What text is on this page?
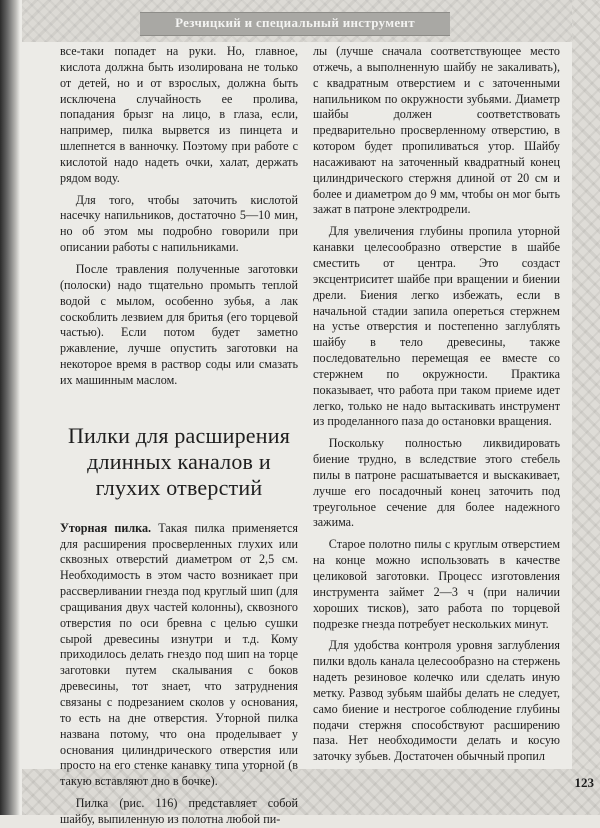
Резчицкий и специальный инструмент

все-таки попадет на руки. Но, главное, кислота должна быть изолирована не только от детей, но и от взрослых, должна быть исключена случайность ее пролива, попадания брызг на лицо, в глаза, если, например, пилка вырвется из пинцета и шлепнется в ванночку. Поэтому при работе с кислотой надо надеть очки, халат, держать рядом воду.

Для того, чтобы заточить кислотой насечку напильников, достаточно 5—10 мин, но об этом мы подробно говорили при описании работы с напильниками.

После травления полученные заготовки (полоски) надо тщательно промыть теплой водой с мылом, особенно зубья, а лак соскоблить лезвием для бритья (его торцевой частью). Если потом будет заметно ржавление, лучше опустить заготовки на некоторое время в раствор соды или смазать их машинным маслом.

Пилки для расширения длинных каналов и глухих отверстий

Уторная пилка. Такая пилка применяется для расширения просверленных глухих или сквозных отверстий диаметром от 2,5 см. Необходимость в этом часто возникает при рассверливании гнезда под круглый шип (для сращивания двух частей колонны), сквозного отверстия по оси бревна с целью сушки сырой древесины изнутри и т.д. Кому приходилось делать гнездо под шип на торце заготовки путем скалывания с боков древесины, тот знает, что затруднения связаны с подрезанием сколов у основания, то есть на дне отверстия. Уторной пилка названа потому, что она проделывает у основания цилиндрического отверстия или просто на его стенке канавку типа уторной (в такую вставляют дно в бочке).

Пилка (рис. 116) представляет собой шайбу, выпиленную из полотна любой пи-

лы (лучше сначала соответствующее место отжечь, а выполненную шайбу не закаливать), с квадратным отверстием и с заточенными напильником по окружности зубьями. Диаметр шайбы должен соответствовать предварительно просверленному отверстию, в котором будет пропиливаться утор. Шайбу насаживают на заточенный квадратный конец цилиндрического стержня длиной от 20 см и более и диаметром до 9 мм, чтобы он мог быть зажат в патроне электродрели.

Для увеличения глубины пропила уторной канавки целесообразно отверстие в шайбе сместить от центра. Это создаст эксцентриситет шайбе при вращении и биении дрели. Биения легко избежать, если в начальной стадии запила опереться стержнем на устье отверстия и постепенно заглублять шайбу в тело древесины, также последовательно перемещая ее вместе со стержнем по окружности. Практика показывает, что работа при таком приеме идет легко, только не надо вытаскивать инструмент из проделанного паза до остановки вращения.

Поскольку полностью ликвидировать биение трудно, в вследствие этого стебель пилы в патроне расшатывается и выскакивает, лучше его посадочный конец заточить под треугольное сечение для более надежного зажима.

Старое полотно пилы с круглым отверстием на конце можно использовать в качестве целиковой заготовки. Процесс изготовления инструмента займет 2—3 ч (при наличии хороших тисков), зато работа по торцевой подрезке гнезда потребует нескольких минут.

Для удобства контроля уровня заглубления пилки вдоль канала целесообразно на стержень надеть резиновое колечко или сделать иную метку. Развод зубьям шайбы делать не следует, само биение и нестрогое соблюдение глубины подачи стержня способствуют расширению паза. Нет необходимости делать и косую заточку зубьев. Достаточен обычный пропил

123
